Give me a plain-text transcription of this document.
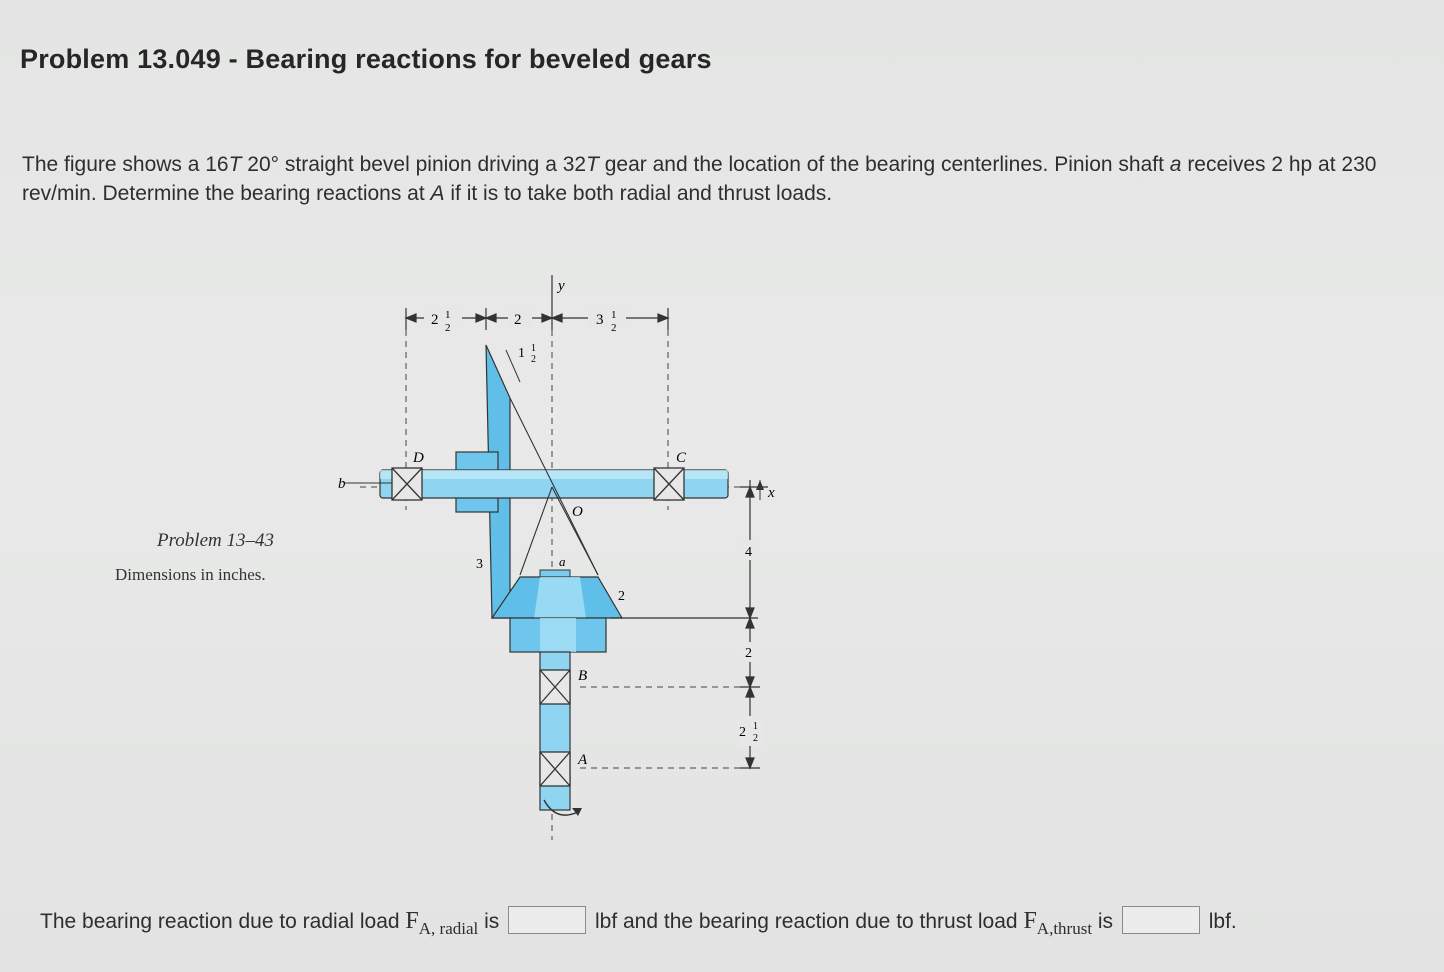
Problem 13.049 - Bearing reactions for beveled gears
The figure shows a 16T 20° straight bevel pinion driving a 32T gear and the location of the bearing centerlines. Pinion shaft a receives 2 hp at 230 rev/min. Determine the bearing reactions at A if it is to take both radial and thrust loads.
Problem 13–43
Dimensions in inches.
2 1
2	2	3 1
2
y
b
D	C
O
1 1
2
a
3
2
B
A
4
2
2 1
2
x
The bearing reaction due to radial load $F_{A, radial}$ is	lbf and the bearing reaction due to thrust load $F_{A,thrust}$ is	lbf.
